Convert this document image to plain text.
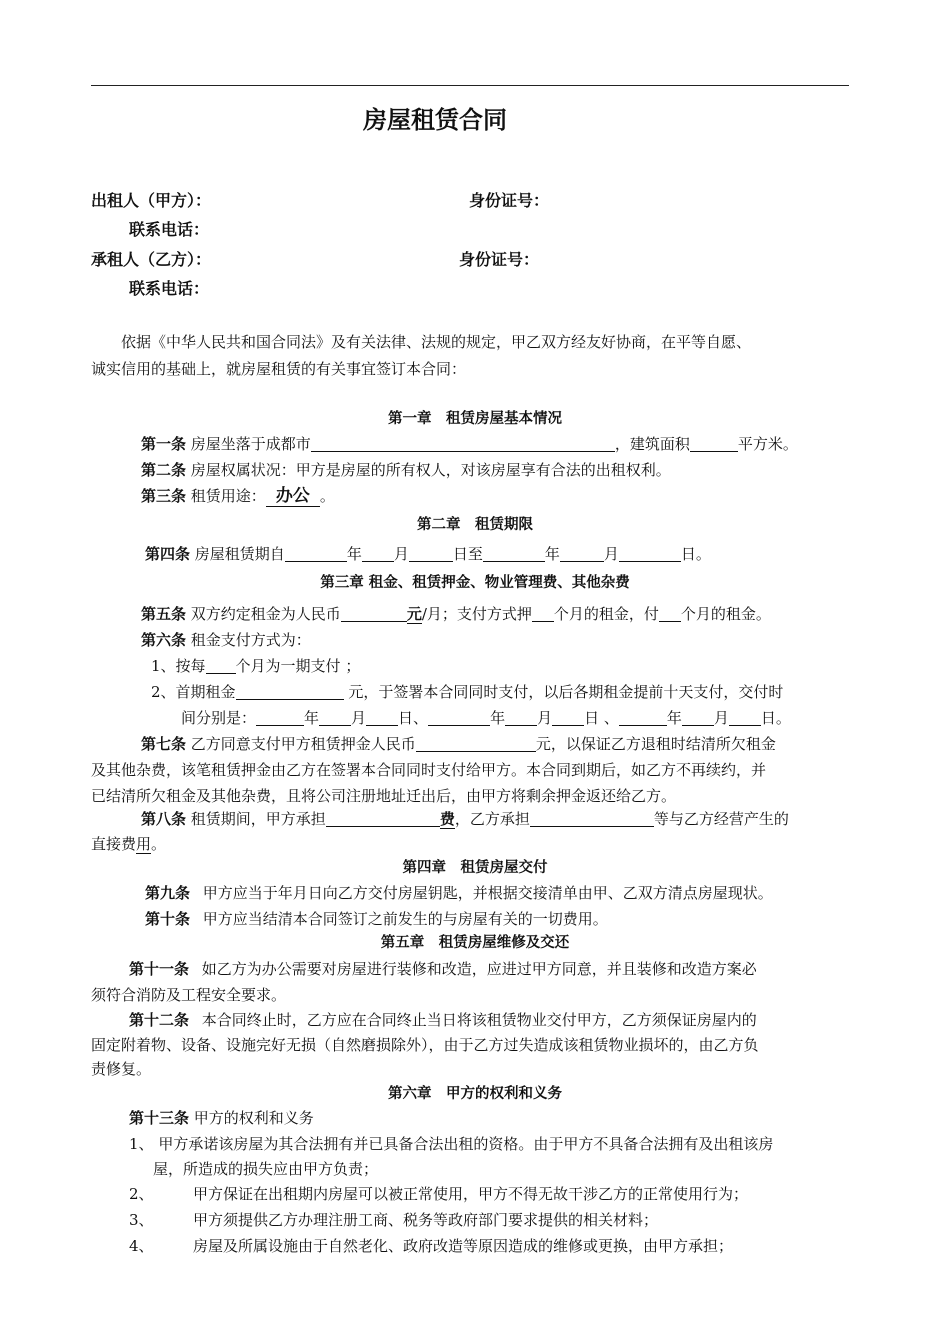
房屋租赁合同
出租人（甲方）：	身份证号：
联系电话：
承租人（乙方）：	身份证号：
联系电话：
依据《中华人民共和国合同法》及有关法律、法规的规定，甲乙双方经友好协商，在平等自愿、
诚实信用的基础上，就房屋租赁的有关事宜签订本合同：
第一章　租赁房屋基本情况
第一条 房屋坐落于成都市	，建筑面积	平方米。
第二条 房屋权属状况：甲方是房屋的所有权人，对该房屋享有合法的出租权利。
第三条 租赁用途： 办公 。
第二章　租赁期限
第四条 房屋租赁期自	年 月	日至	年	月	日。
第三章 租金、租赁押金、物业管理费、其他杂费
第五条 双方约定租金为人民币	元/月；支付方式押 个月的租金，付 个月的租金。
第六条 租金支付方式为：
1、按每 个月为一期支付 ；
2、首期租金	元，于签署本合同同时支付，以后各期租金提前十天支付，交付时
间分别是：	年 月 日、	年 月 日 、	年 月 日。
第七条 乙方同意支付甲方租赁押金人民币	元，以保证乙方退租时结清所欠租金
及其他杂费，该笔租赁押金由乙方在签署本合同同时支付给甲方。本合同到期后，如乙方不再续约，并
已结清所欠租金及其他杂费，且将公司注册地址迁出后，由甲方将剩余押金返还给乙方。
第八条 租赁期间，甲方承担	费，乙方承担	等与乙方经营产生的
直接费用。
第四章　租赁房屋交付
第九条 甲方应当于年月日向乙方交付房屋钥匙，并根据交接清单由甲、乙双方清点房屋现状。
第十条 甲方应当结清本合同签订之前发生的与房屋有关的一切费用。
第五章　租赁房屋维修及交还
第十一条 如乙方为办公需要对房屋进行装修和改造，应进过甲方同意，并且装修和改造方案必
须符合消防及工程安全要求。
第十二条 本合同终止时，乙方应在合同终止当日将该租赁物业交付甲方，乙方须保证房屋内的
固定附着物、设备、设施完好无损（自然磨损除外），由于乙方过失造成该租赁物业损坏的，由乙方负
责修复。
第六章　甲方的权利和义务
第十三条 甲方的权利和义务
1、 甲方承诺该房屋为其合法拥有并已具备合法出租的资格。由于甲方不具备合法拥有及出租该房
屋，所造成的损失应由甲方负责；
2、	甲方保证在出租期内房屋可以被正常使用，甲方不得无故干涉乙方的正常使用行为；
3、	甲方须提供乙方办理注册工商、税务等政府部门要求提供的相关材料；
4、	房屋及所属设施由于自然老化、政府改造等原因造成的维修或更换，由甲方承担；
